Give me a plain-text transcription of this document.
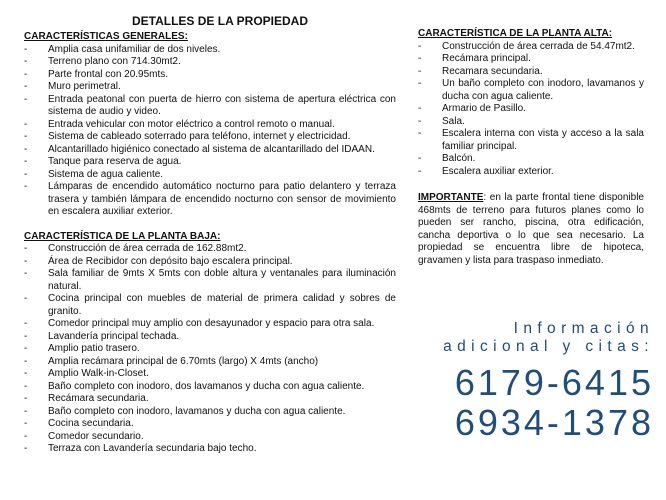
DETALLES DE LA PROPIEDAD
CARACTERÍSTICAS GENERALES:
- Amplia casa unifamiliar de dos niveles.
- Terreno plano con 714.30mt2.
- Parte frontal con 20.95mts.
- Muro perimetral.
- Entrada peatonal con puerta de hierro con sistema de apertura eléctrica con sistema de audio y video.
- Entrada vehicular con motor eléctrico a control remoto o manual.
- Sistema de cableado soterrado para teléfono, internet y electricidad.
- Alcantarillado higiénico conectado al sistema de alcantarillado del IDAAN.
- Tanque para reserva de agua.
- Sistema de agua caliente.
- Lámparas de encendido automático nocturno para patio delantero y terraza trasera y también lámpara de encendido nocturno con sensor de movimiento en escalera auxiliar exterior.
CARACTERÍSTICA DE LA PLANTA BAJA:
- Construcción de área cerrada de 162.88mt2.
- Área de Recibidor con depósito bajo escalera principal.
- Sala familiar de 9mts X 5mts con doble altura y ventanales para iluminación natural.
- Cocina principal con muebles de material de primera calidad y sobres de granito.
- Comedor principal muy amplio con desayunador y espacio para otra sala.
- Lavandería principal techada.
- Amplio patio trasero.
- Amplia recámara principal de 6.70mts (largo) X 4mts (ancho)
- Amplio Walk-in-Closet.
- Baño completo con inodoro, dos lavamanos y ducha con agua caliente.
- Recámara secundaria.
- Baño completo con inodoro, lavamanos y ducha con agua caliente.
- Cocina secundaria.
- Comedor secundario.
- Terraza con Lavandería secundaria bajo techo.
CARACTERÍSTICA DE LA PLANTA ALTA:
- Construcción de área cerrada de 54.47mt2.
- Recámara principal.
- Recamara secundaria.
- Un baño completo con inodoro, lavamanos y ducha con agua caliente.
- Armario de Pasillo.
- Sala.
- Escalera interna con vista y acceso a la sala familiar principal.
- Balcón.
- Escalera auxiliar exterior.
IMPORTANTE: en la parte frontal tiene disponible 468mts de terreno para futuros planes como lo pueden ser rancho, piscina, otra edificación, cancha deportiva o lo que sea necesario. La propiedad se encuentra libre de hipoteca, gravamen y lista para traspaso inmediato.
Información
adicional y citas:
6179-6415
6934-1378
